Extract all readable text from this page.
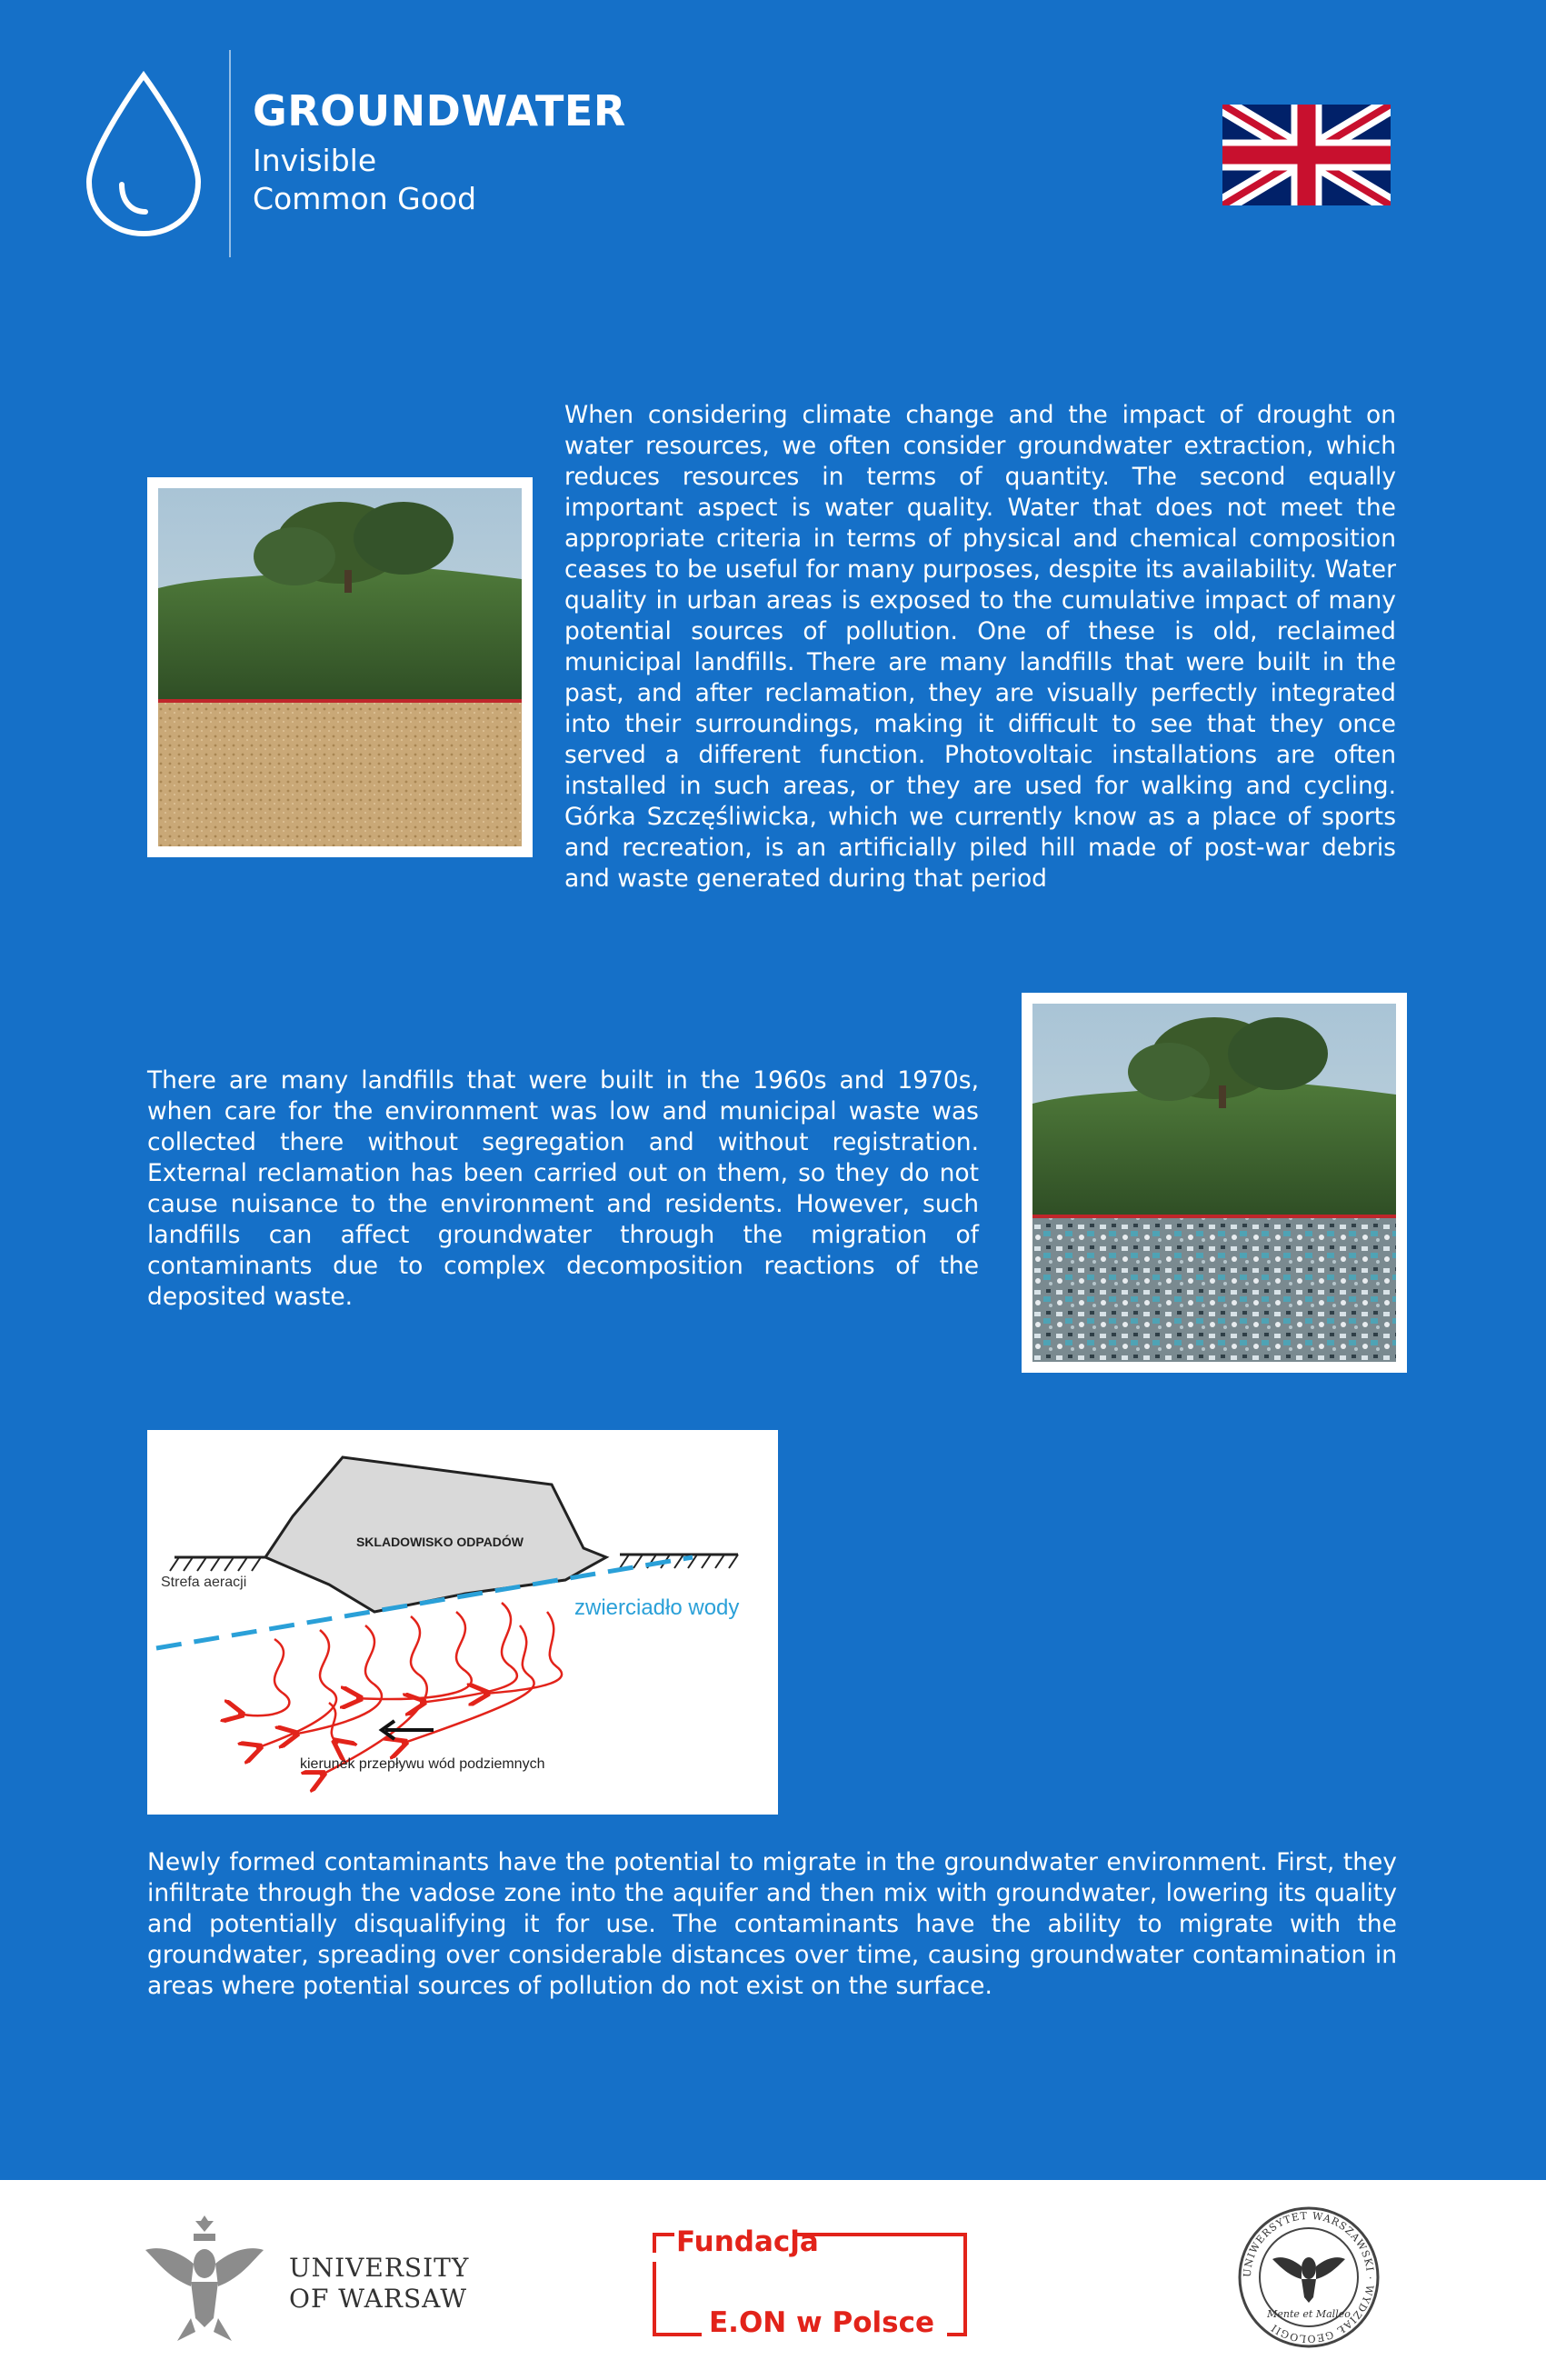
GROUNDWATER
Invisible
Common Good

When considering climate change and the impact of drought on water resources, we often consider groundwater extraction, which reduces resources in terms of quantity. The second equally important aspect is water quality. Water that does not meet the appropriate criteria in terms of physical and chemical composition ceases to be useful for many purposes, despite its availability. Water quality in urban areas is exposed to the cumulative impact of many potential sources of pollution. One of these is old, reclaimed municipal landfills. There are many landfills that were built in the past, and after reclamation, they are visually perfectly integrated into their surroundings, making it difficult to see that they once served a different function. Photovoltaic installations are often installed in such areas, or they are used for walking and cycling. Górka Szczęśliwicka, which we currently know as a place of sports and recreation, is an artificially piled hill made of post-war debris and waste generated during that period

There are many landfills that were built in the 1960s and 1970s, when care for the environment was low and municipal waste was collected there without segregation and without registration. External reclamation has been carried out on them, so they do not cause nuisance to the environment and residents. However, such landfills can affect groundwater through the migration of contaminants due to complex decomposition reactions of the deposited waste.

SKLADOWISKO ODPADÓW
Strefa aeracji
zwierciadło wody
kierunek przepływu wód podziemnych

Newly formed contaminants have the potential to migrate in the groundwater environment. First, they infiltrate through the vadose zone into the aquifer and then mix with groundwater, lowering its quality and potentially disqualifying it for use. The contaminants have the ability to migrate with the groundwater, spreading over considerable distances over time, causing groundwater contamination in areas where potential sources of pollution do not exist on the surface.

UNIVERSITY
OF WARSAW
Fundacja
E.ON w Polsce
UNIWERSYTET WARSZAWSKI · WYDZIAŁ GEOLOGII
Mente et Malleo
